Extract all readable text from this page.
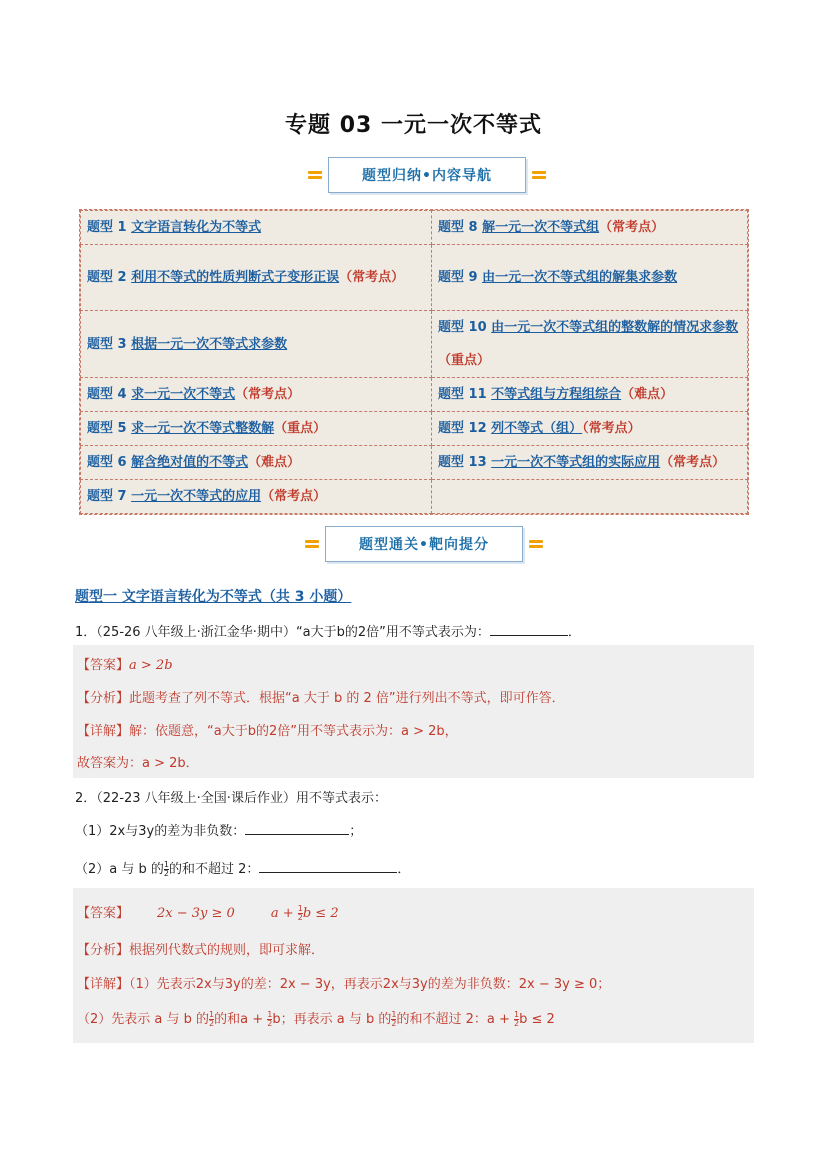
专题 03 一元一次不等式
题型归纳•内容导航
题型 1 文字语言转化为不等式	题型 8 解一元一次不等式组（常考点）
题型 2 利用不等式的性质判断式子变形正误（常考点）	题型 9 由一元一次不等式组的解集求参数
题型 3 根据一元一次不等式求参数	题型 10 由一元一次不等式组的整数解的情况求参数（重点）
题型 4 求一元一次不等式（常考点）	题型 11 不等式组与方程组综合（难点）
题型 5 求一元一次不等式整数解（重点）	题型 12 列不等式（组）（常考点）
题型 6 解含绝对值的不等式（难点）	题型 13 一元一次不等式组的实际应用（常考点）
题型 7 一元一次不等式的应用（常考点）	
题型通关•靶向提分
题型一 文字语言转化为不等式（共 3 小题）
1．（25-26 八年级上·浙江金华·期中）“a大于b的2倍”用不等式表示为：	．
【答案】a > 2b
【分析】此题考查了列不等式．根据“a 大于 b 的 2 倍”进行列出不等式，即可作答．
【详解】解：依题意，“a大于b的2倍”用不等式表示为：a > 2b，
故答案为：a > 2b．
2．（22-23 八年级上·全国·课后作业）用不等式表示：
（1）2x与3y的差为非负数：	；
（2）a 与 b 的 $\frac{1}{2}$ 的和不超过 2：	．
【答案】 2x − 3y ≥ 0	$a + \frac{1}{2}$ b ≤ 2
【分析】根据列代数式的规则，即可求解．
【详解】（1）先表示2x与3y的差：2x − 3y，再表示2x与3y的差为非负数：2x − 3y ≥ 0；
（2）先表示 a 与 b 的 $\frac{1}{2}$ 的和$a + \frac{1}{2}$ b；再表示 a 与 b 的 $\frac{1}{2}$ 的和不超过 2：$a + \frac{1}{2}$ b ≤ 2
